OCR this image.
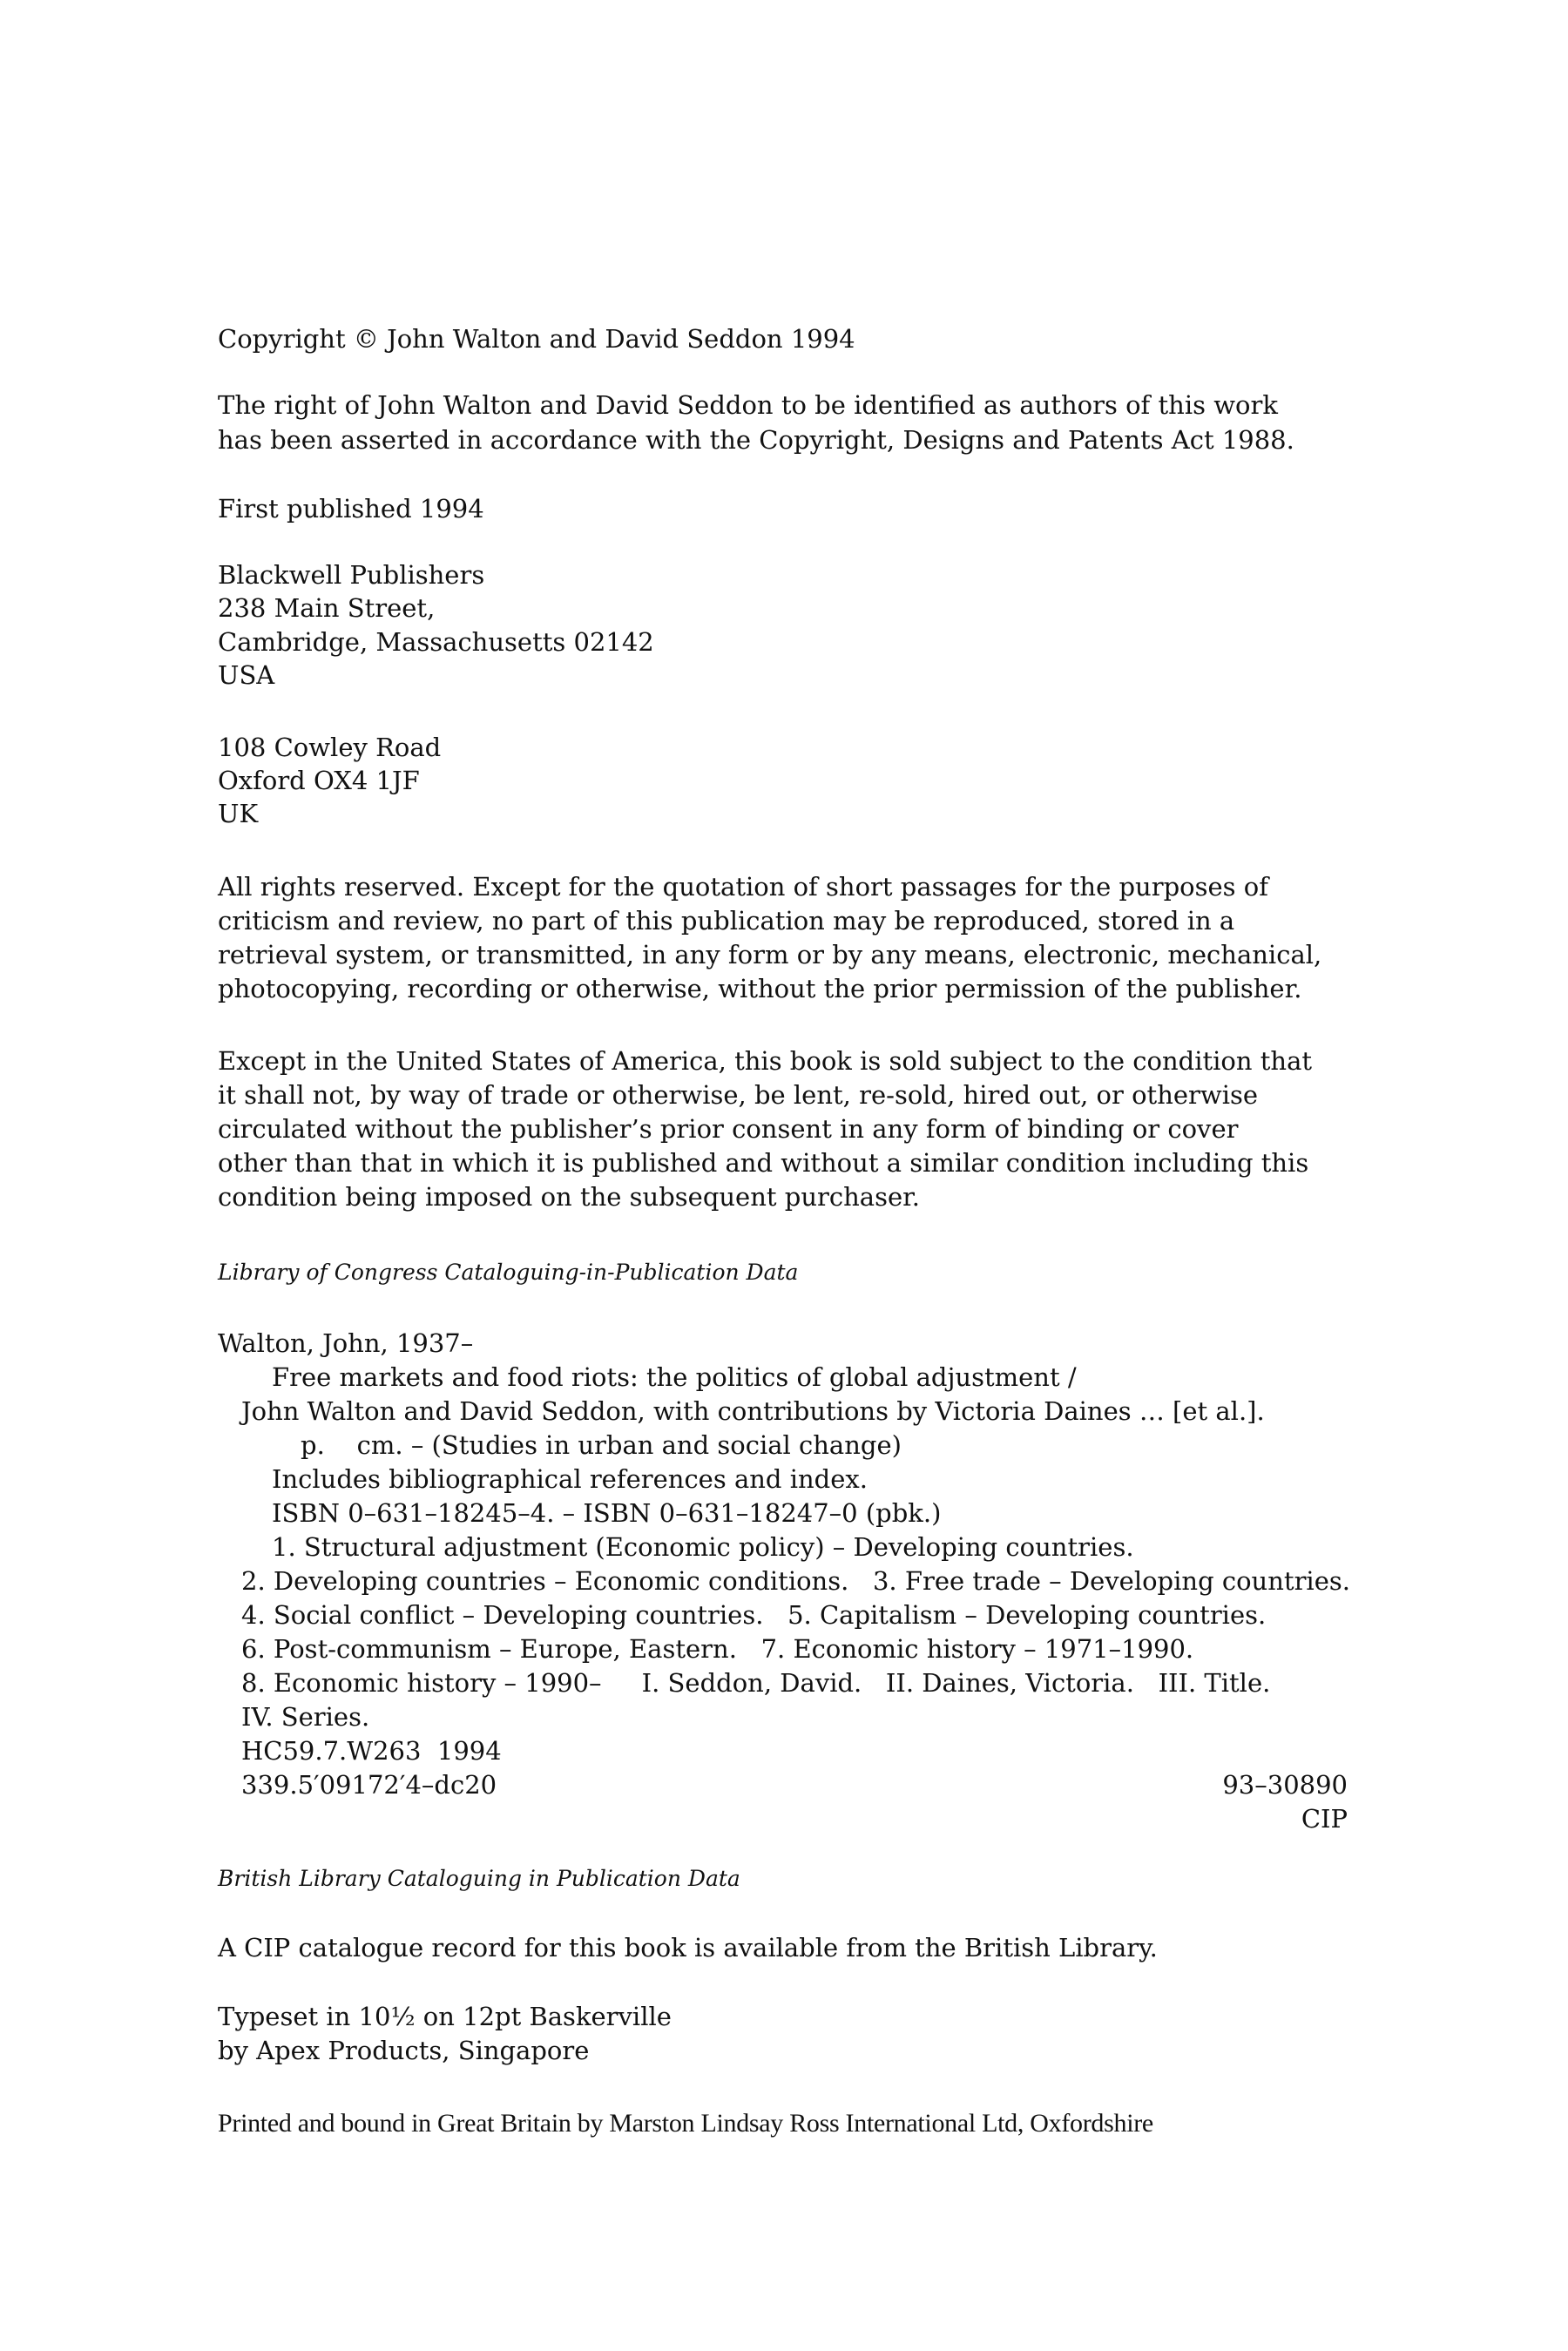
Copyright © John Walton and David Seddon 1994
The right of John Walton and David Seddon to be identified as authors of this work
has been asserted in accordance with the Copyright, Designs and Patents Act 1988.
First published 1994
Blackwell Publishers
238 Main Street,
Cambridge, Massachusetts 02142
USA
108 Cowley Road
Oxford OX4 1JF
UK
All rights reserved. Except for the quotation of short passages for the purposes of
criticism and review, no part of this publication may be reproduced, stored in a
retrieval system, or transmitted, in any form or by any means, electronic, mechanical,
photocopying, recording or otherwise, without the prior permission of the publisher.
Except in the United States of America, this book is sold subject to the condition that
it shall not, by way of trade or otherwise, be lent, re-sold, hired out, or otherwise
circulated without the publisher’s prior consent in any form of binding or cover
other than that in which it is published and without a similar condition including this
condition being imposed on the subsequent purchaser.
Library of Congress Cataloguing-in-Publication Data
Walton, John, 1937–
Free markets and food riots: the politics of global adjustment /
John Walton and David Seddon, with contributions by Victoria Daines … [et al.].
p.    cm. – (Studies in urban and social change)
Includes bibliographical references and index.
ISBN 0–631–18245–4. – ISBN 0–631–18247–0 (pbk.)
1. Structural adjustment (Economic policy) – Developing countries.
2. Developing countries – Economic conditions.   3. Free trade – Developing countries.
4. Social conflict – Developing countries.   5. Capitalism – Developing countries.
6. Post-communism – Europe, Eastern.   7. Economic history – 1971–1990.
8. Economic history – 1990–     I. Seddon, David.   II. Daines, Victoria.   III. Title.
IV. Series.
HC59.7.W263  1994
339.5′09172′4–dc20	93–30890
CIP
British Library Cataloguing in Publication Data
A CIP catalogue record for this book is available from the British Library.
Typeset in 10½ on 12pt Baskerville
by Apex Products, Singapore
Printed and bound in Great Britain by Marston Lindsay Ross International Ltd, Oxfordshire
